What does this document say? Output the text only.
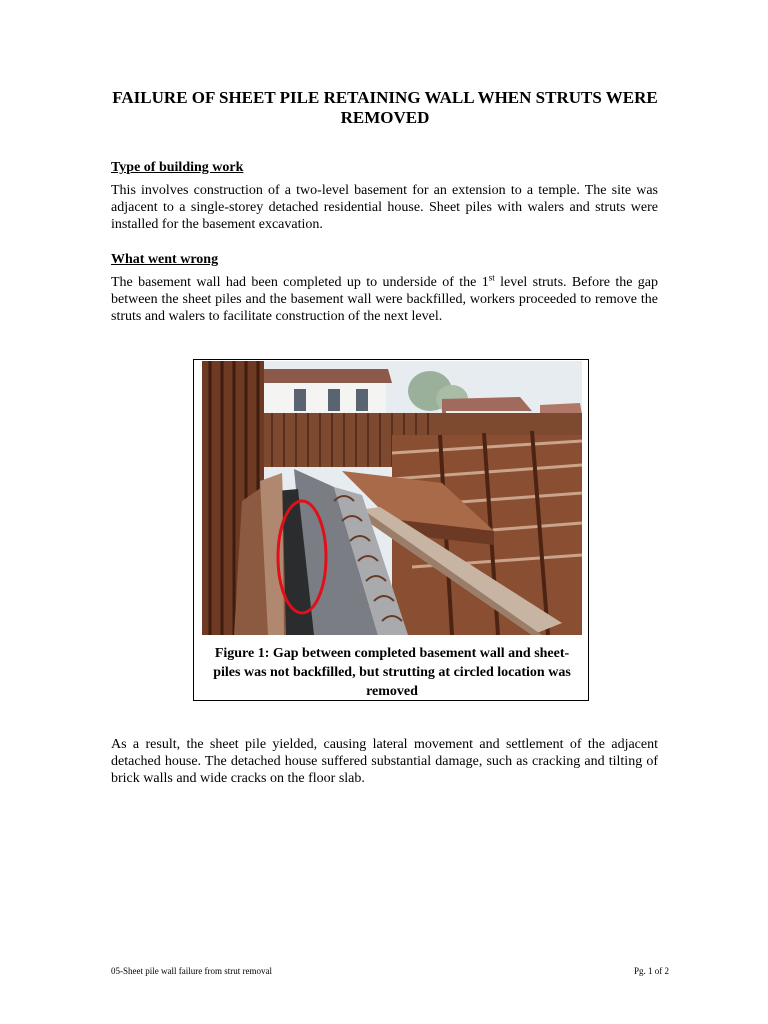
FAILURE OF SHEET PILE RETAINING WALL WHEN STRUTS WERE REMOVED

Type of building work

This involves construction of a two-level basement for an extension to a temple. The site was adjacent to a single-storey detached residential house. Sheet piles with walers and struts were installed for the basement excavation.

What went wrong

The basement wall had been completed up to underside of the 1st level struts. Before the gap between the sheet piles and the basement wall were backfilled, workers proceeded to remove the struts and walers to facilitate construction of the next level.

Figure 1: Gap between completed basement wall and sheet-piles was not backfilled, but strutting at circled location was removed

As a result, the sheet pile yielded, causing lateral movement and settlement of the adjacent detached house. The detached house suffered substantial damage, such as cracking and tilting of brick walls and wide cracks on the floor slab.

05-Sheet pile wall failure from strut removal	Pg. 1 of 2
